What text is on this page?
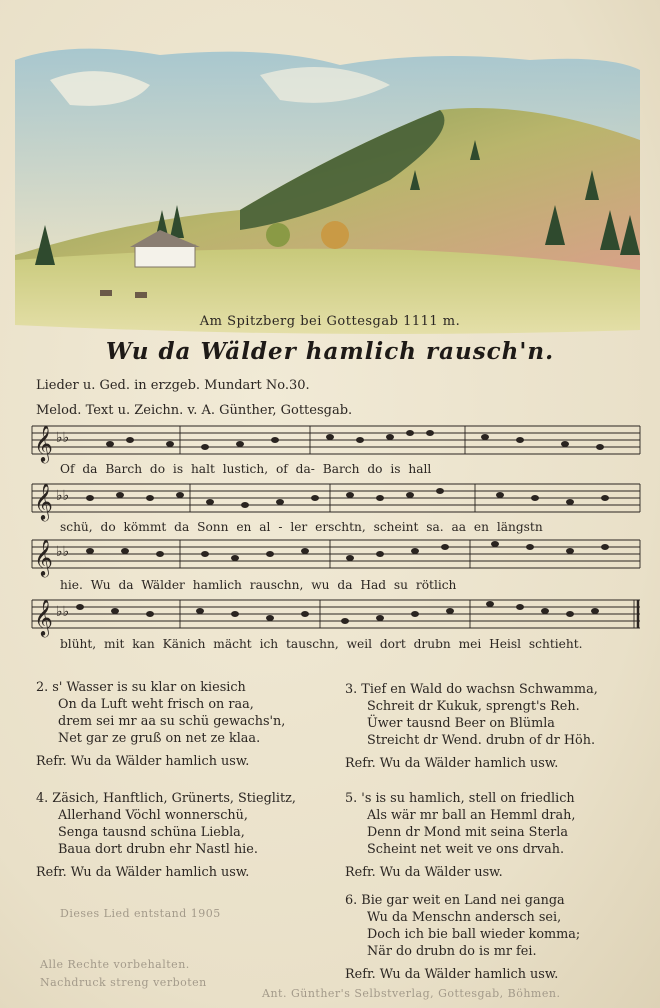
Am Spitzberg bei Gottesgab 1111 m.
Wu da Wälder hamlich rausch'n.
Lieder u. Ged. in erzgeb. Mundart No.30.
Melod. Text u. Zeichn. v. A. Günther, Gottesgab.
𝄞 ♭♭
Of da Barch do is halt lustich, of da- Barch do is hall
𝄞 ♭♭
schü, do kömmt da Sonn en al - ler erschtn, scheint sa. aa en längstn
𝄞 ♭♭
hie. Wu da Wälder hamlich rauschn, wu da Had su rötlich
𝄞 ♭♭
blüht, mit kan Känich mächt ich tauschn, weil dort drubn mei Heisl schtieht.
2. s' Wasser is su klar on kiesich
On da Luft weht frisch on raa,
drem sei mr aa su schü gewachs'n,
Net gar ze gruß on net ze klaa.
Refr. Wu da Wälder hamlich usw.
3. Tief en Wald do wachsn Schwamma,
Schreit dr Kukuk, sprengt's Reh.
Üwer tausnd Beer on Blümla
Streicht dr Wend. drubn of dr Höh.
Refr. Wu da Wälder hamlich usw.
4. Zäsich, Hanftlich, Grünerts, Stieglitz,
Allerhand Vöchl wonnerschü,
Senga tausnd schüna Liebla,
Baua dort drubn ehr Nastl hie.
Refr. Wu da Wälder hamlich usw.
5. 's is su hamlich, stell on friedlich
Als wär mr ball an Hemml drah,
Denn dr Mond mit seina Sterla
Scheint net weit ve ons drvah.
Refr. Wu da Wälder usw.
6. Bie gar weit en Land nei ganga
Wu da Menschn andersch sei,
Doch ich bie ball wieder komma;
När do drubn do is mr fei.
Refr. Wu da Wälder hamlich usw.
Dieses Lied entstand 1905
Alle Rechte vorbehalten.
Nachdruck streng verboten
Ant. Günther's Selbstverlag, Gottesgab, Böhmen.
